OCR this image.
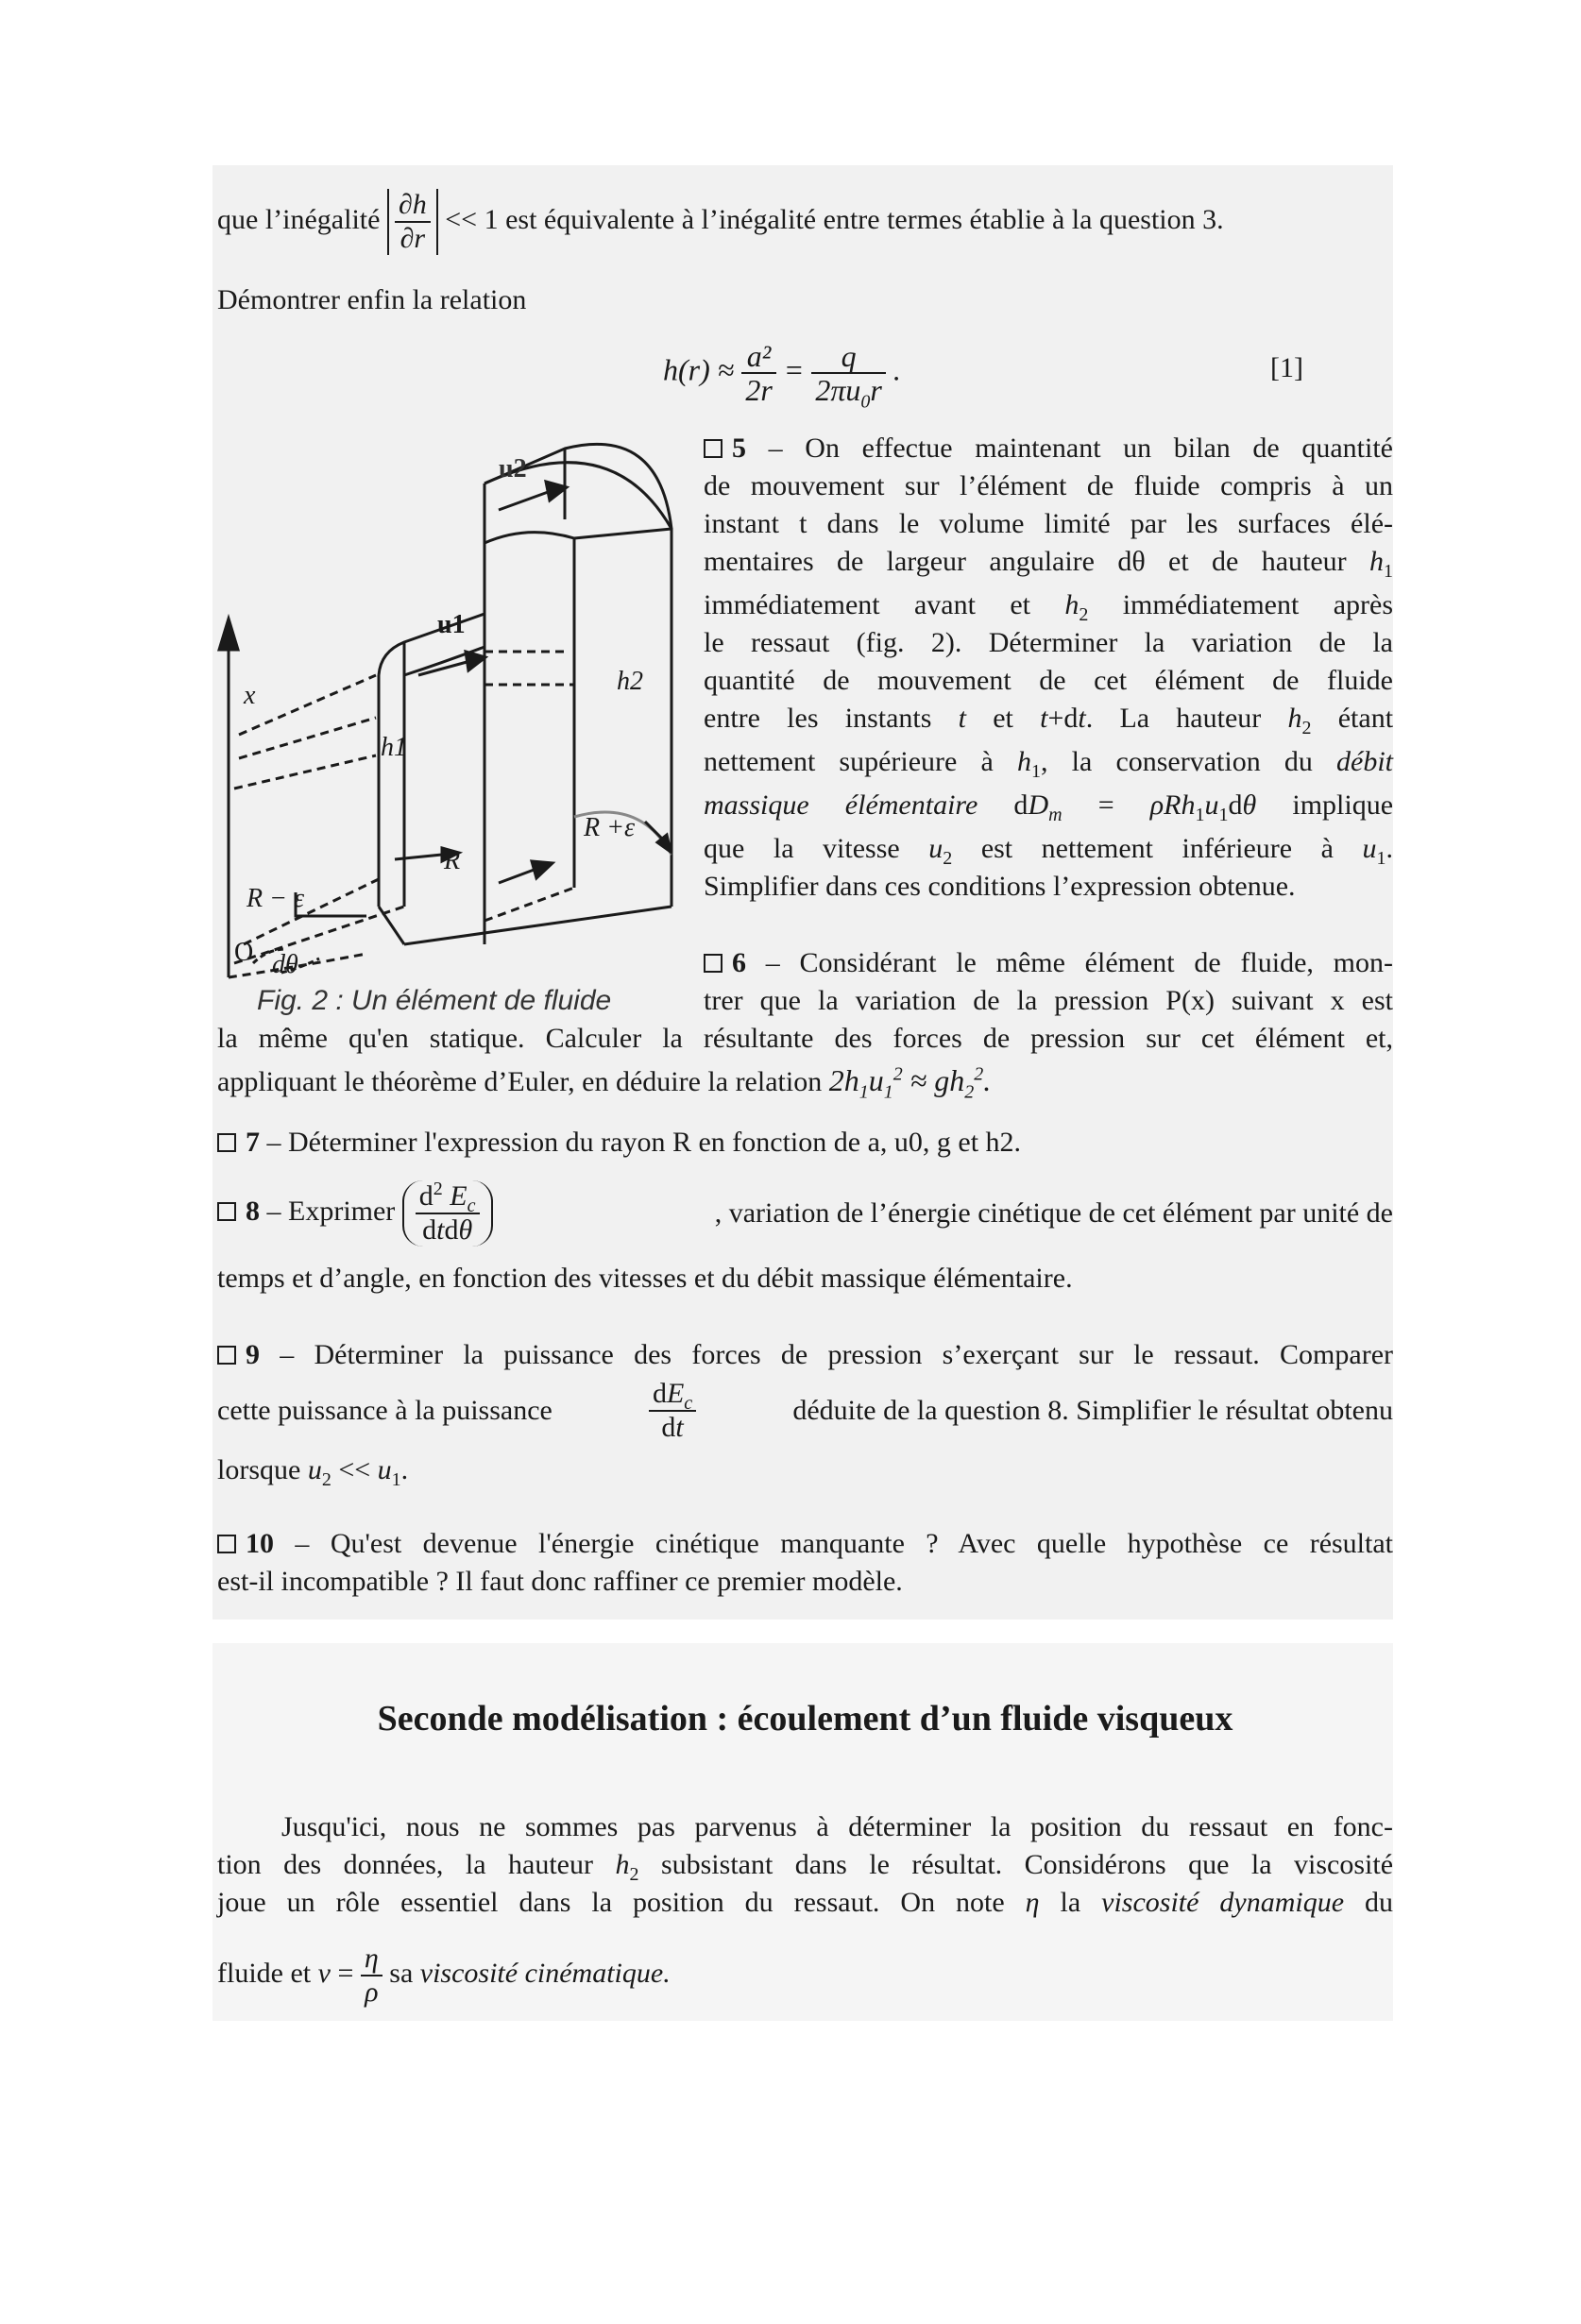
que l’inégalité $\frac{\partial h}{\partial r} << 1$ est équivalente à l’inégalité entre termes établie à la question 3.
Démontrer enfin la relation
$h(r) \approx \frac{\text{a²}}{2r} = \frac{q}{2\pi u_0r}$ .	[1]
x
u2
u1
h2
h1
R
R − ε
R +ε
O dθ
Fig. 2 : Un élément de fluide
5 – On effectue maintenant un bilan de quantité
de mouvement sur l’élément de fluide compris à un
instant t dans le volume limité par les surfaces élé-
mentaires de largeur angulaire dθ et de hauteur $h_1$
immédiatement avant et $h_2$ immédiatement après
le ressaut (fig. 2). Déterminer la variation de la
quantité de mouvement de cet élément de fluide
entre les instants t et t+dt. La hauteur $h_2$ étant
nettement supérieure à $h_1$, la conservation du débit
massique élémentaire $dD_m = \rho Rh_1u_1d\theta$ implique
que la vitesse $u_2$ est nettement inférieure à $u_1$.
Simplifier dans ces conditions l’expression obtenue.
6 – Considérant le même élément de fluide, mon-
trer que la variation de la pression P(x) suivant x est
la même qu'en statique. Calculer la résultante des forces de pression sur cet élément et,
appliquant le théorème d’Euler, en déduire la relation $2h_1u_1^2 \approx gh_2^2$.
7 – Déterminer l'expression du rayon R en fonction de a, u0, g et h2.
8 – Exprimer $\frac{d^2 E_c}{\text{dtdθ}}$	, variation de l’énergie cinétique de cet élément par unité de
temps et d’angle, en fonction des vitesses et du débit massique élémentaire.
9 – Déterminer la puissance des forces de pression s’exerçant sur le ressaut. Comparer
cette puissance à la puissance	$\frac{dE_c}{dt}$	déduite de la question 8. Simplifier le résultat obtenu
lorsque $u_2 << u_1$.
10 – Qu'est devenue l'énergie cinétique manquante ? Avec quelle hypothèse ce résultat
est-il incompatible ? Il faut donc raffiner ce premier modèle.
Seconde modélisation : écoulement d’un fluide visqueux
Jusqu'ici, nous ne sommes pas parvenus à déterminer la position du ressaut en fonc-
tion des données, la hauteur $h_2$ subsistant dans le résultat. Considérons que la viscosité
joue un rôle essentiel dans la position du ressaut. On note η la viscosité dynamique du
fluide et $v = \frac{\eta}{\rho}$ sa viscosité cinématique.
